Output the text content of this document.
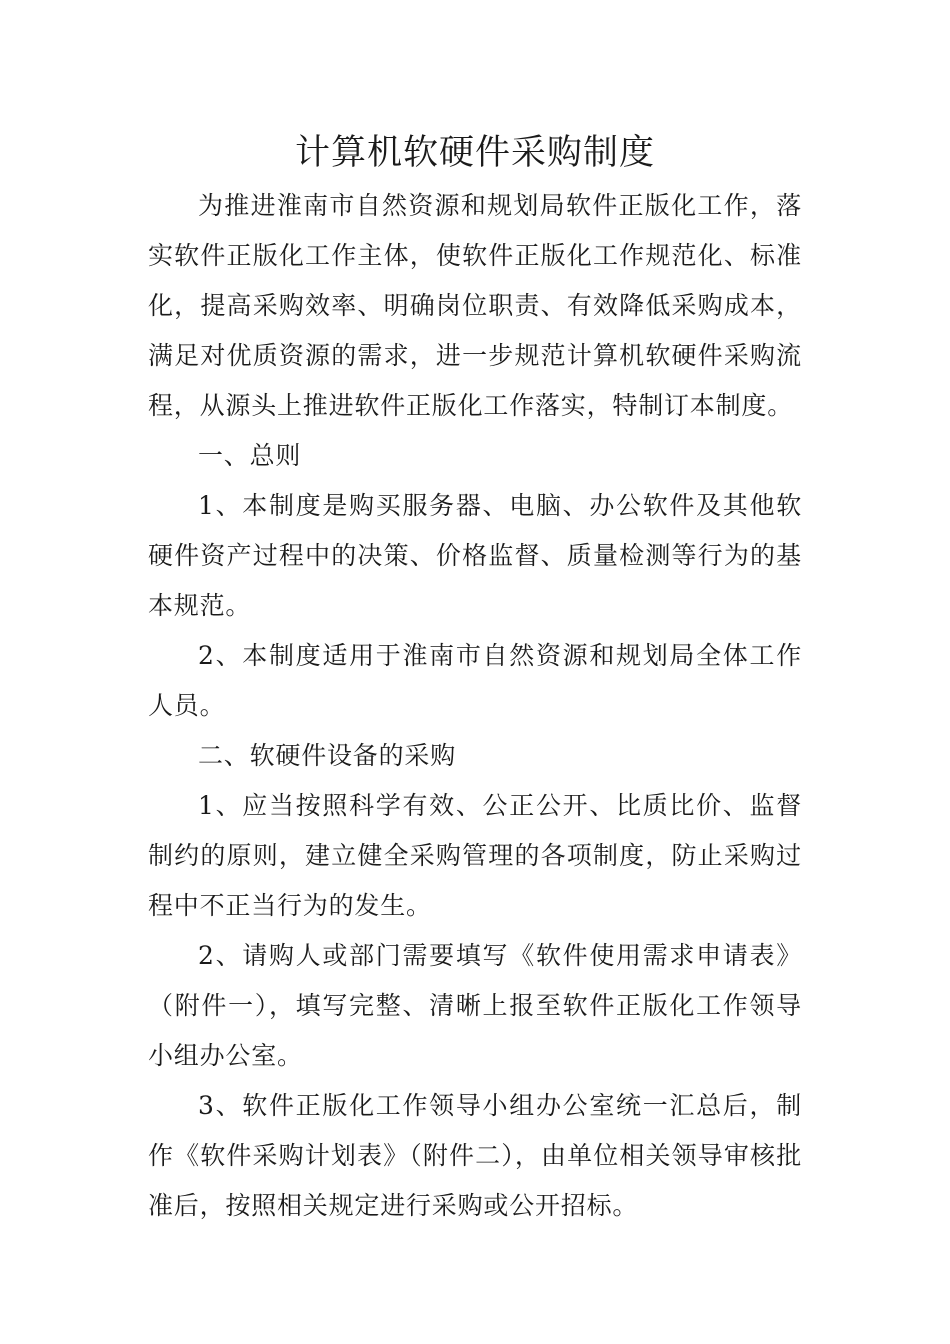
计算机软硬件采购制度

为推进淮南市自然资源和规划局软件正版化工作，落实软件正版化工作主体，使软件正版化工作规范化、标准化，提高采购效率、明确岗位职责、有效降低采购成本，满足对优质资源的需求，进一步规范计算机软硬件采购流程，从源头上推进软件正版化工作落实，特制订本制度。

一、总则

1、本制度是购买服务器、电脑、办公软件及其他软硬件资产过程中的决策、价格监督、质量检测等行为的基本规范。

2、本制度适用于淮南市自然资源和规划局全体工作人员。

二、软硬件设备的采购

1、应当按照科学有效、公正公开、比质比价、监督制约的原则，建立健全采购管理的各项制度，防止采购过程中不正当行为的发生。

2、请购人或部门需要填写《软件使用需求申请表》（附件一），填写完整、清晰上报至软件正版化工作领导小组办公室。

3、软件正版化工作领导小组办公室统一汇总后，制作《软件采购计划表》（附件二），由单位相关领导审核批准后，按照相关规定进行采购或公开招标。
